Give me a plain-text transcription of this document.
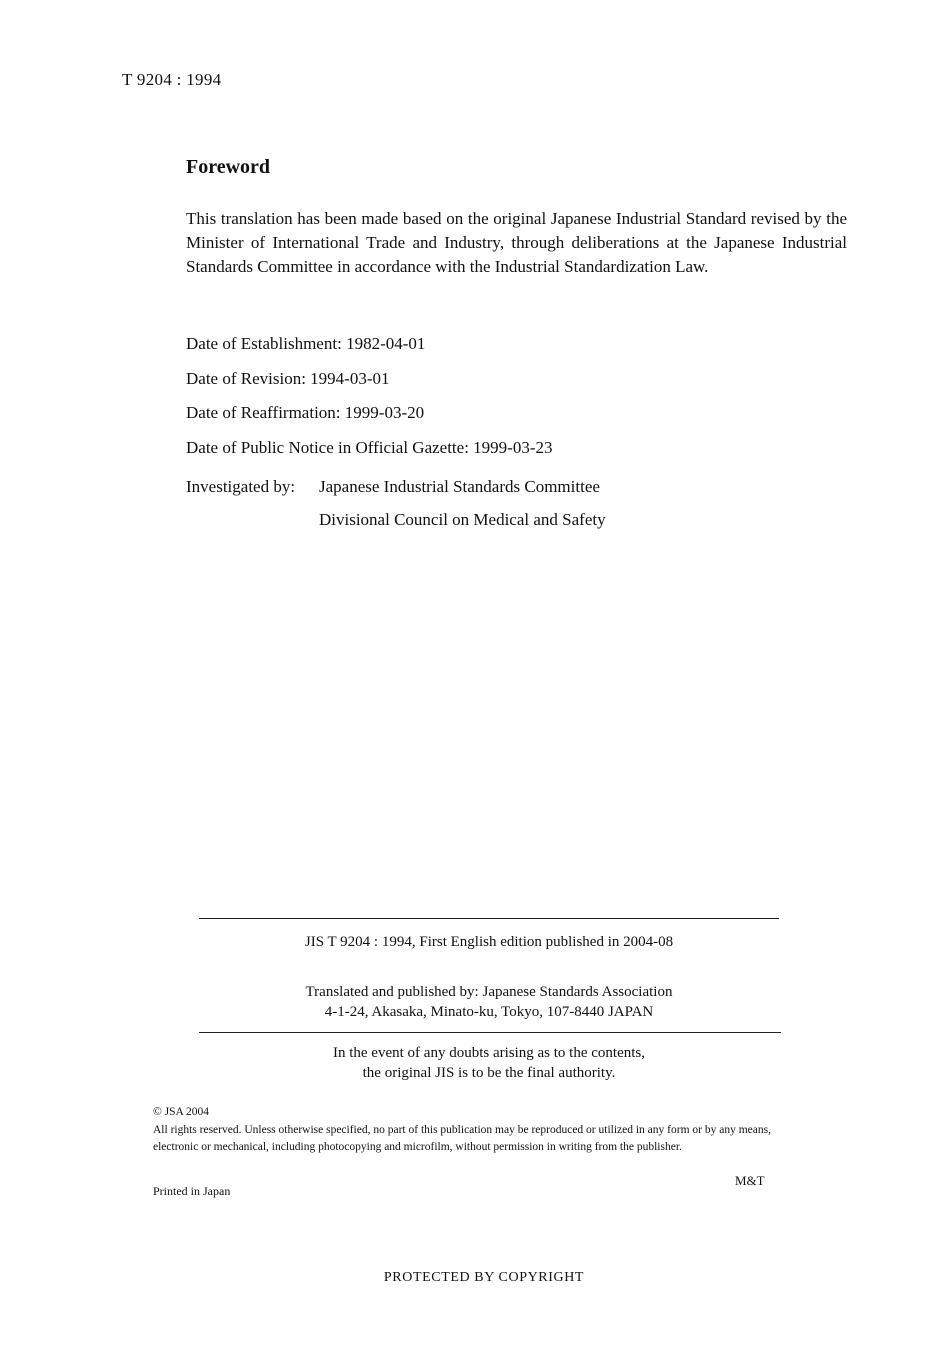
T 9204 : 1994
Foreword
This translation has been made based on the original Japanese Industrial Standard revised by the Minister of International Trade and Industry, through deliberations at the Japanese Industrial Standards Committee in accordance with the Industrial Standardization Law.
Date of Establishment: 1982-04-01
Date of Revision: 1994-03-01
Date of Reaffirmation: 1999-03-20
Date of Public Notice in Official Gazette: 1999-03-23
Investigated by: Japanese Industrial Standards Committee
Divisional Council on Medical and Safety
JIS T 9204 : 1994, First English edition published in 2004-08
Translated and published by: Japanese Standards Association
4-1-24, Akasaka, Minato-ku, Tokyo, 107-8440 JAPAN
In the event of any doubts arising as to the contents,
the original JIS is to be the final authority.
© JSA 2004
All rights reserved. Unless otherwise specified, no part of this publication may be reproduced or utilized in any form or by any means, electronic or mechanical, including photocopying and microfilm, without permission in writing from the publisher.
Printed in Japan
M&T
PROTECTED BY COPYRIGHT
